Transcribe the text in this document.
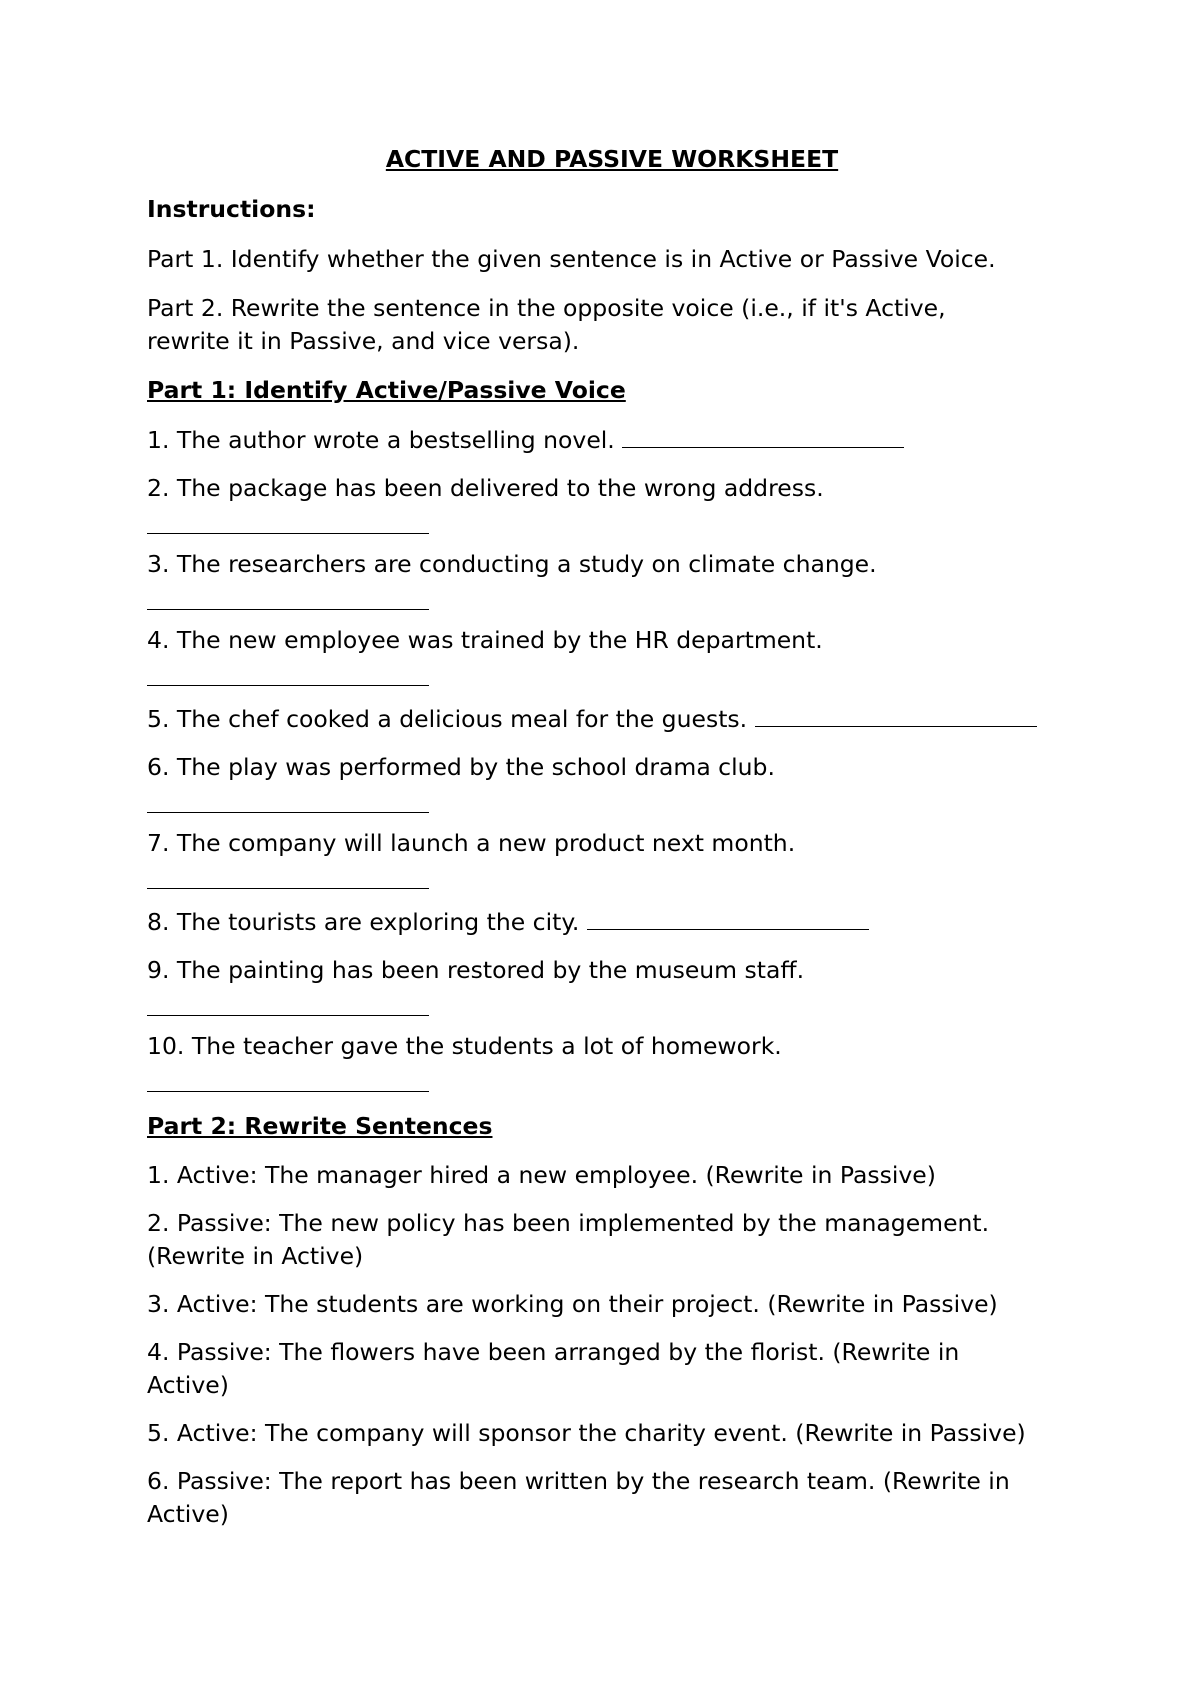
ACTIVE AND PASSIVE WORKSHEET
Instructions:
Part 1. Identify whether the given sentence is in Active or Passive Voice.
Part 2. Rewrite the sentence in the opposite voice (i.e., if it's Active, rewrite it in Passive, and vice versa).
Part 1: Identify Active/Passive Voice
1. The author wrote a bestselling novel.
2. The package has been delivered to the wrong address.
3. The researchers are conducting a study on climate change.
4. The new employee was trained by the HR department.
5. The chef cooked a delicious meal for the guests.
6. The play was performed by the school drama club.
7. The company will launch a new product next month.
8. The tourists are exploring the city.
9. The painting has been restored by the museum staff.
10. The teacher gave the students a lot of homework.
Part 2: Rewrite Sentences
1. Active: The manager hired a new employee. (Rewrite in Passive)
2. Passive: The new policy has been implemented by the management. (Rewrite in Active)
3. Active: The students are working on their project. (Rewrite in Passive)
4. Passive: The flowers have been arranged by the florist. (Rewrite in Active)
5. Active: The company will sponsor the charity event. (Rewrite in Passive)
6. Passive: The report has been written by the research team. (Rewrite in Active)
